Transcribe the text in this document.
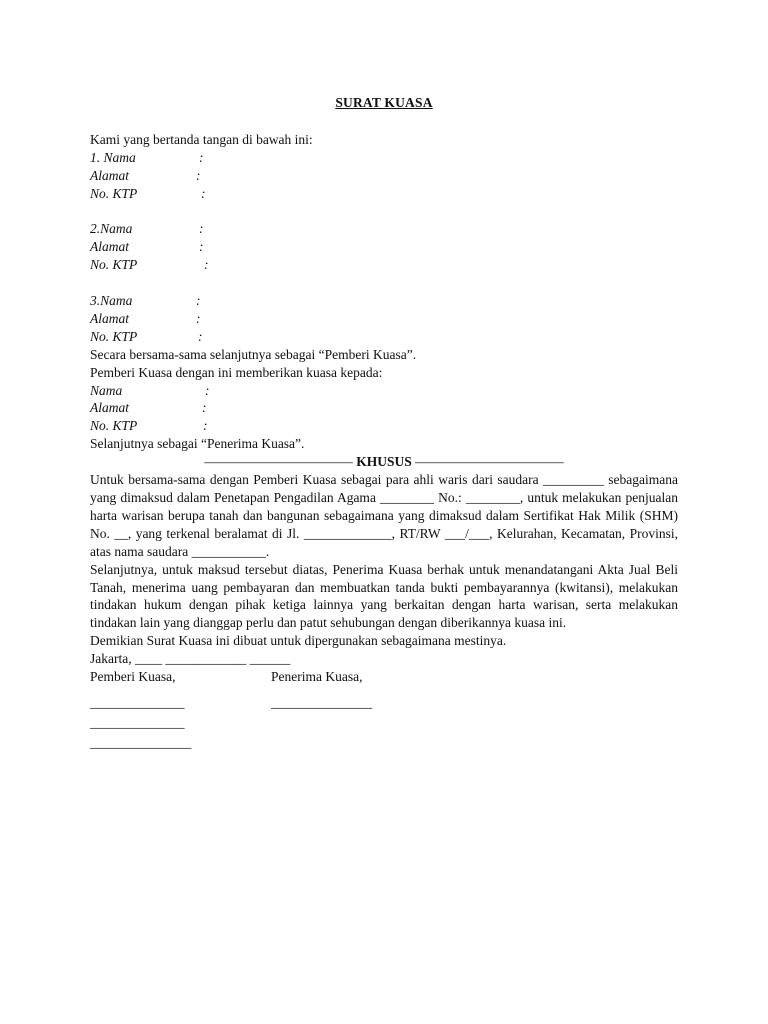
SURAT KUASA
Kami yang bertanda tangan di bawah ini:
1. Nama	:
Alamat	:
No. KTP	:
2.Nama	:
Alamat	:
No. KTP	:
3.Nama	:
Alamat	:
No. KTP	:
Secara bersama-sama selanjutnya sebagai “Pemberi Kuasa”.
Pemberi Kuasa dengan ini memberikan kuasa kepada:
Nama	:
Alamat	:
No. KTP	:
Selanjutnya sebagai “Penerima Kuasa”.
——————————— KHUSUS ———————————
Untuk bersama-sama dengan Pemberi Kuasa sebagai para ahli waris dari saudara _________ sebagaimana yang dimaksud dalam Penetapan Pengadilan Agama ________ No.: ________, untuk melakukan penjualan harta warisan berupa tanah dan bangunan sebagaimana yang dimaksud dalam Sertifikat Hak Milik (SHM) No. __, yang terkenal beralamat di Jl. _____________, RT/RW ___/___, Kelurahan, Kecamatan, Provinsi, atas nama saudara ___________.
Selanjutnya, untuk maksud tersebut diatas, Penerima Kuasa berhak untuk menandatangani Akta Jual Beli Tanah, menerima uang pembayaran dan membuatkan tanda bukti pembayarannya (kwitansi), melakukan tindakan hukum dengan pihak ketiga lainnya yang berkaitan dengan harta warisan, serta melakukan tindakan lain yang dianggap perlu dan patut sehubungan dengan diberikannya kuasa ini.
Demikian Surat Kuasa ini dibuat untuk dipergunakan sebagaimana mestinya.
Jakarta, ____ ____________ ______
Pemberi Kuasa,	Penerima Kuasa,
______________	_______________
______________
_______________
